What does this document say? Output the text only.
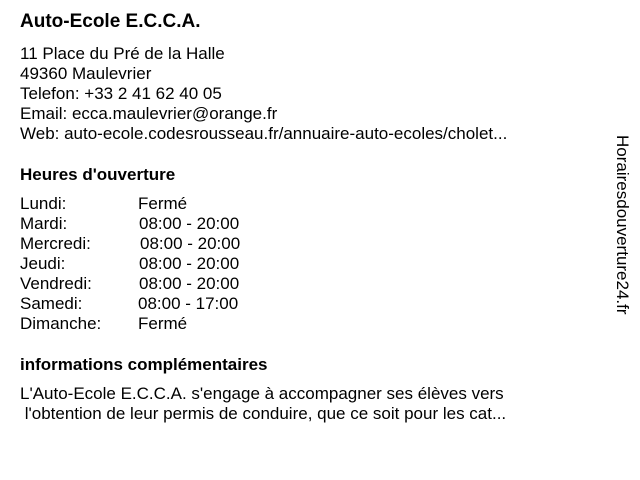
Auto-Ecole E.C.C.A.
11 Place du Pré de la Halle
49360 Maulevrier
Telefon: +33 2 41 62 40 05
Email: ecca.maulevrier@orange.fr
Web: auto-ecole.codesrousseau.fr/annuaire-auto-ecoles/cholet...
Heures d'ouverture
Lundi:	Fermé
Mardi:	08:00 - 20:00
Mercredi:	08:00 - 20:00
Jeudi:	08:00 - 20:00
Vendredi:	08:00 - 20:00
Samedi:	08:00 - 17:00
Dimanche: Fermé
informations complémentaires
L'Auto-Ecole E.C.C.A. s'engage à accompagner ses élèves vers
l'obtention de leur permis de conduire, que ce soit pour les cat...
Horairesdouverture24.fr
